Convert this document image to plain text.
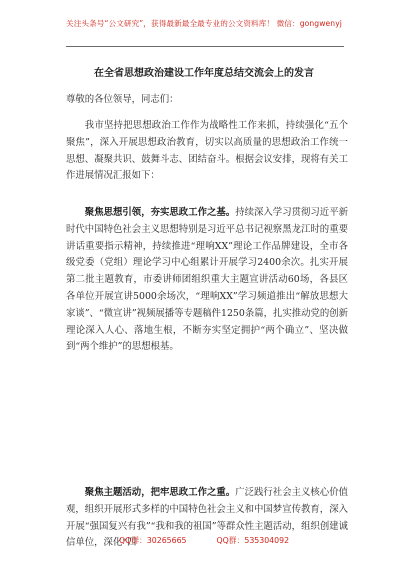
关注头条号“公文研究”，获得最新最全最专业的公文资料库！ 微信：gongwenyj
在全省思想政治建设工作年度总结交流会上的发言
尊敬的各位领导，同志们：

我市坚持把思想政治工作作为战略性工作来抓，持续强化“五个聚焦”，深入开展思想政治教育，切实以高质量的思想政治工作统一思想、凝聚共识、鼓舞斗志、团结奋斗。根据会议安排，现将有关工作进展情况汇报如下：

聚焦思想引领，夯实思政工作之基。持续深入学习贯彻习近平新时代中国特色社会主义思想特别是习近平总书记视察黑龙江时的重要讲话重要指示精神，持续推进“理响XX”理论工作品牌建设，全市各级党委（党组）理论学习中心组累计开展学习2400余次。扎实开展第二批主题教育，市委讲师团组织重大主题宣讲活动60场，各县区各单位开展宣讲5000余场次，“理响XX”学习频道推出“解放思想大家谈”、“微宣讲”视频展播等专题稿件1250条篇，扎实推动党的创新理论深入人心、落地生根，不断夯实坚定拥护“两个确立”、坚决做到“两个维护”的思想根基。

聚焦主题活动，把牢思政工作之重。广泛践行社会主义核心价值观，组织开展形式多样的中国特色社会主义和中国梦宣传教育，深入开展“强国复兴有我”“我和我的祖国”等群众性主题活动，组织创建诚信单位，深化“四

QQ群：30265665	QQ群：535304092
